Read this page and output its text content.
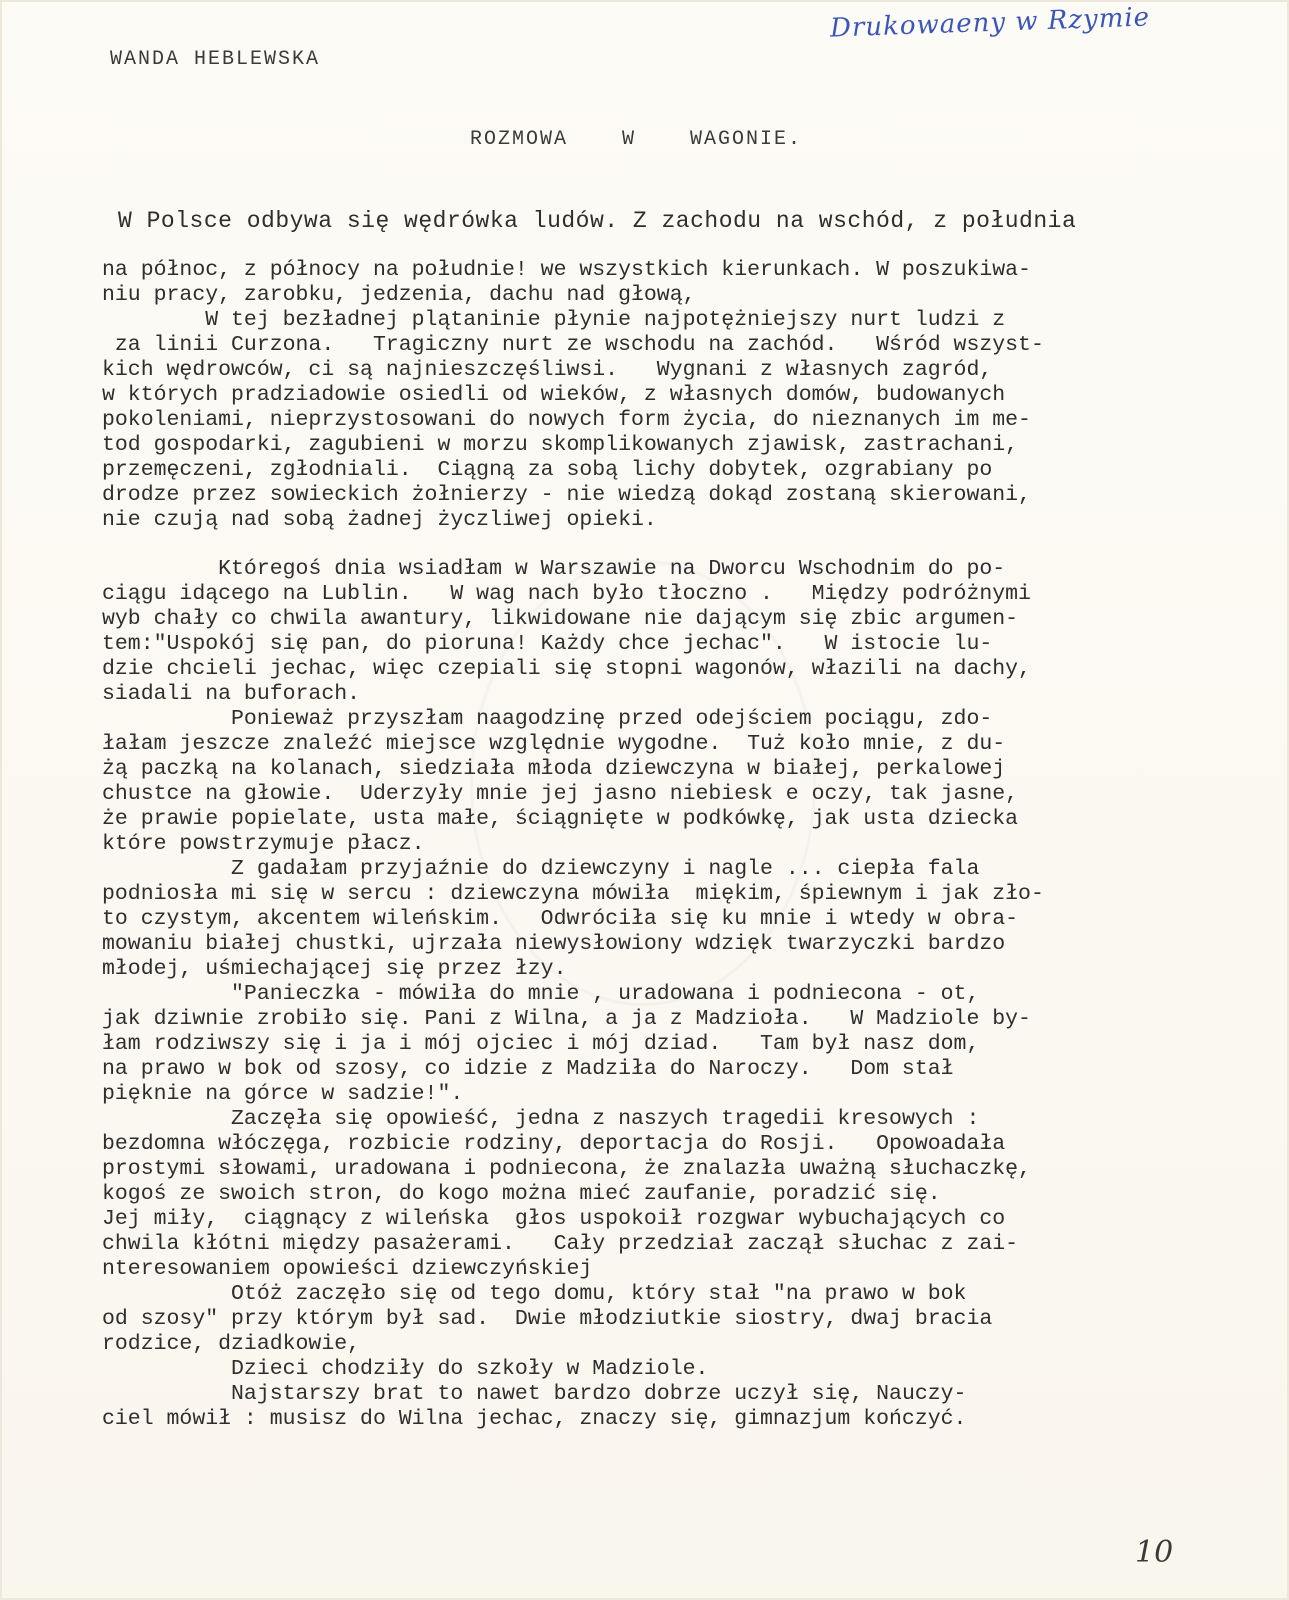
Drukowaeny w Rzymie
WANDA HEBLEWSKA
ROZMOWA W WAGONIE.
W Polsce odbywa się wędrówka ludów. Z zachodu na wschód, z południa

na północ, z północy na południe! we wszystkich kierunkach. W poszukiwa-
niu pracy, zarobku, jedzenia, dachu nad głową,
W tej bezładnej plątaninie płynie najpotężniejszy nurt ludzi z
za linii Curzona.   Tragiczny nurt ze wschodu na zachód.   Wśród wszyst-
kich wędrowców, ci są najnieszczęśliwsi.   Wygnani z własnych zagród,
w których pradziadowie osiedli od wieków, z własnych domów, budowanych
pokoleniami, nieprzystosowani do nowych form życia, do nieznanych im me-
tod gospodarki, zagubieni w morzu skomplikowanych zjawisk, zastrachani,
przemęczeni, zgłodniali.  Ciągną za sobą lichy dobytek, ozgrabiany po
drodze przez sowieckich żołnierzy - nie wiedzą dokąd zostaną skierowani,
nie czują nad sobą żadnej życzliwej opieki.

Któregoś dnia wsiadłam w Warszawie na Dworcu Wschodnim do po-
ciągu idącego na Lublin.   W wag nach było tłoczno .   Między podróżnymi
wyb chały co chwila awantury, likwidowane nie dającym się zbic argumen-
tem:"Uspokój się pan, do pioruna! Każdy chce jechac".   W istocie lu-
dzie chcieli jechac, więc czepiali się stopni wagonów, włazili na dachy,
siadali na buforach.
Ponieważ przyszłam naagodzinę przed odejściem pociągu, zdo-
łałam jeszcze znaleźć miejsce względnie wygodne.  Tuż koło mnie, z du-
żą paczką na kolanach, siedziała młoda dziewczyna w białej, perkalowej
chustce na głowie.  Uderzyły mnie jej jasno niebiesk e oczy, tak jasne,
że prawie popielate, usta małe, ściągnięte w podkówkę, jak usta dziecka
które powstrzymuje płacz.
Z gadałam przyjaźnie do dziewczyny i nagle ... ciepła fala
podniosła mi się w sercu : dziewczyna mówiła  miękim, śpiewnym i jak zło-
to czystym, akcentem wileńskim.   Odwróciła się ku mnie i wtedy w obra-
mowaniu białej chustki, ujrzała niewysłowiony wdzięk twarzyczki bardzo
młodej, uśmiechającej się przez łzy.
"Panieczka - mówiła do mnie , uradowana i podniecona - ot,
jak dziwnie zrobiło się. Pani z Wilna, a ja z Madzioła.   W Madziole by-
łam rodziwszy się i ja i mój ojciec i mój dziad.   Tam był nasz dom,
na prawo w bok od szosy, co idzie z Madziła do Naroczy.   Dom stał
pięknie na górce w sadzie!".
Zaczęła się opowieść, jedna z naszych tragedii kresowych :
bezdomna włóczęga, rozbicie rodziny, deportacja do Rosji.   Opowoadała
prostymi słowami, uradowana i podniecona, że znalazła uważną słuchaczkę,
kogoś ze swoich stron, do kogo można mieć zaufanie, poradzić się.
Jej miły,  ciągnący z wileńska  głos uspokoił rozgwar wybuchających co
chwila kłótni między pasażerami.   Cały przedział zaczął słuchac z zai-
nteresowaniem opowieści dziewczyńskiej
Otóż zaczęło się od tego domu, który stał "na prawo w bok
od szosy" przy którym był sad.  Dwie młodziutkie siostry, dwaj bracia
rodzice, dziadkowie,
Dzieci chodziły do szkoły w Madziole.
Najstarszy brat to nawet bardzo dobrze uczył się, Nauczy-
ciel mówił : musisz do Wilna jechac, znaczy się, gimnazjum kończyć.

10
